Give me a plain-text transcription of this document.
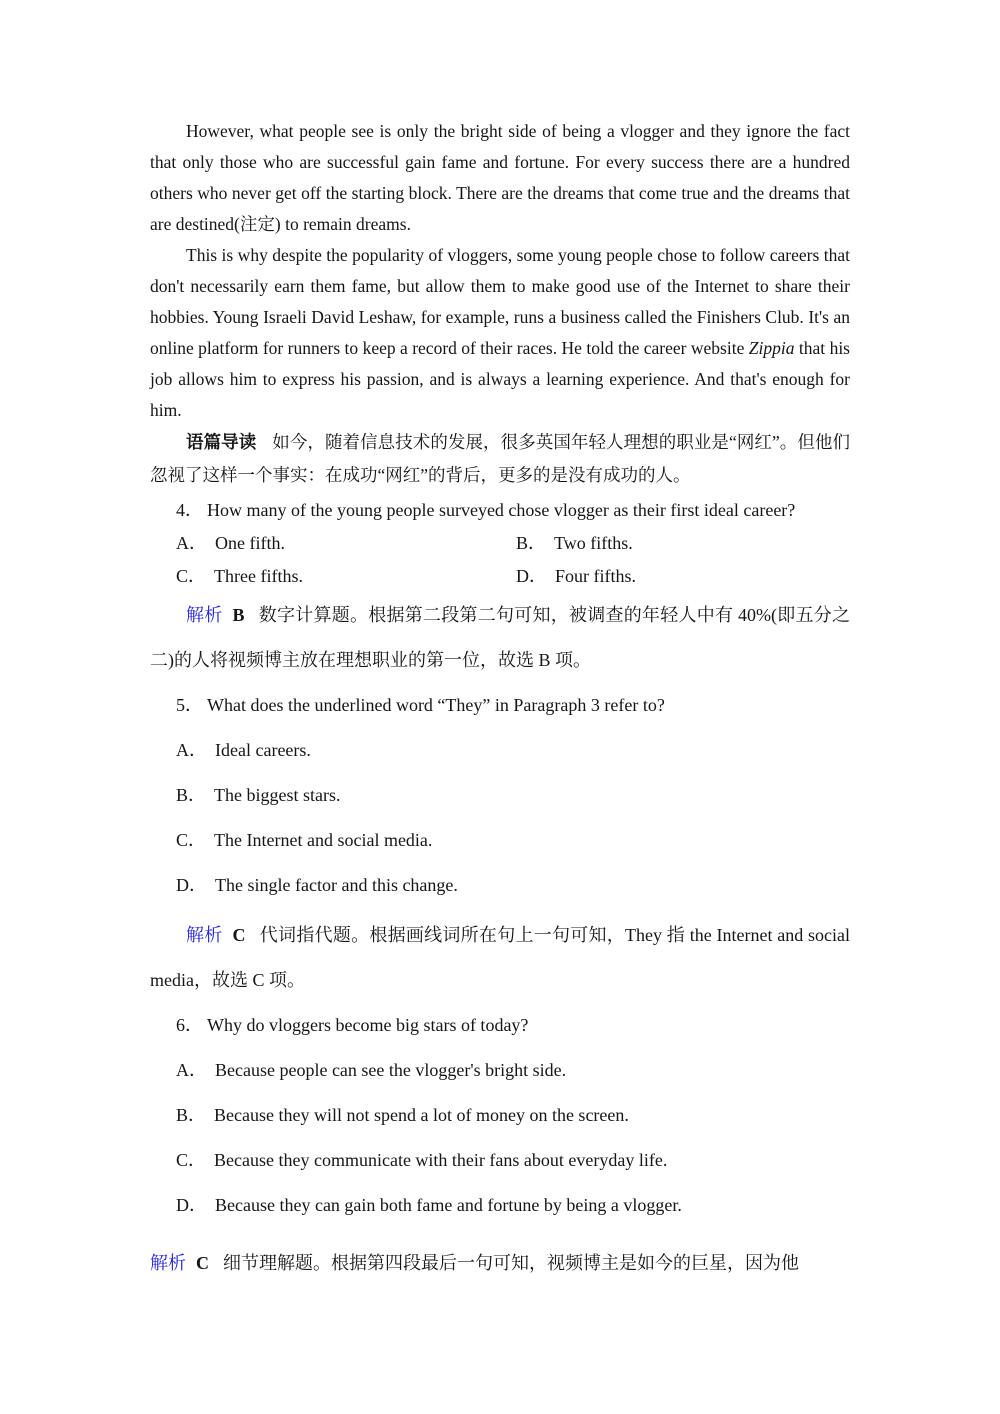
However, what people see is only the bright side of being a vlogger and they ignore the fact that only those who are successful gain fame and fortune. For every success there are a hundred others who never get off the starting block. There are the dreams that come true and the dreams that are destined(注定) to remain dreams.

This is why despite the popularity of vloggers, some young people chose to follow careers that don't necessarily earn them fame, but allow them to make good use of the Internet to share their hobbies. Young Israeli David Leshaw, for example, runs a business called the Finishers Club. It's an online platform for runners to keep a record of their races. He told the career website Zippia that his job allows him to express his passion, and is always a learning experience. And that's enough for him.

语篇导读 如今，随着信息技术的发展，很多英国年轻人理想的职业是“网红”。但他们忽视了这样一个事实：在成功“网红”的背后，更多的是没有成功的人。

4． How many of the young people surveyed chose vlogger as their first ideal career?

A． One fifth.	B． Two fifths.
C． Three fifths.	D． Four fifths.

解析 B 数字计算题。根据第二段第二句可知，被调查的年轻人中有 40%(即五分之二)的人将视频博主放在理想职业的第一位，故选 B 项。

5． What does the underlined word “They” in Paragraph 3 refer to?

A． Ideal careers.
B． The biggest stars.
C． The Internet and social media.
D． The single factor and this change.

解析 C 代词指代题。根据画线词所在句上一句可知，They 指 the Internet and social media，故选 C 项。

6． Why do vloggers become big stars of today?

A． Because people can see the vlogger's bright side.
B． Because they will not spend a lot of money on the screen.
C． Because they communicate with their fans about everyday life.
D． Because they can gain both fame and fortune by being a vlogger.

解析 C 细节理解题。根据第四段最后一句可知，视频博主是如今的巨星，因为他
